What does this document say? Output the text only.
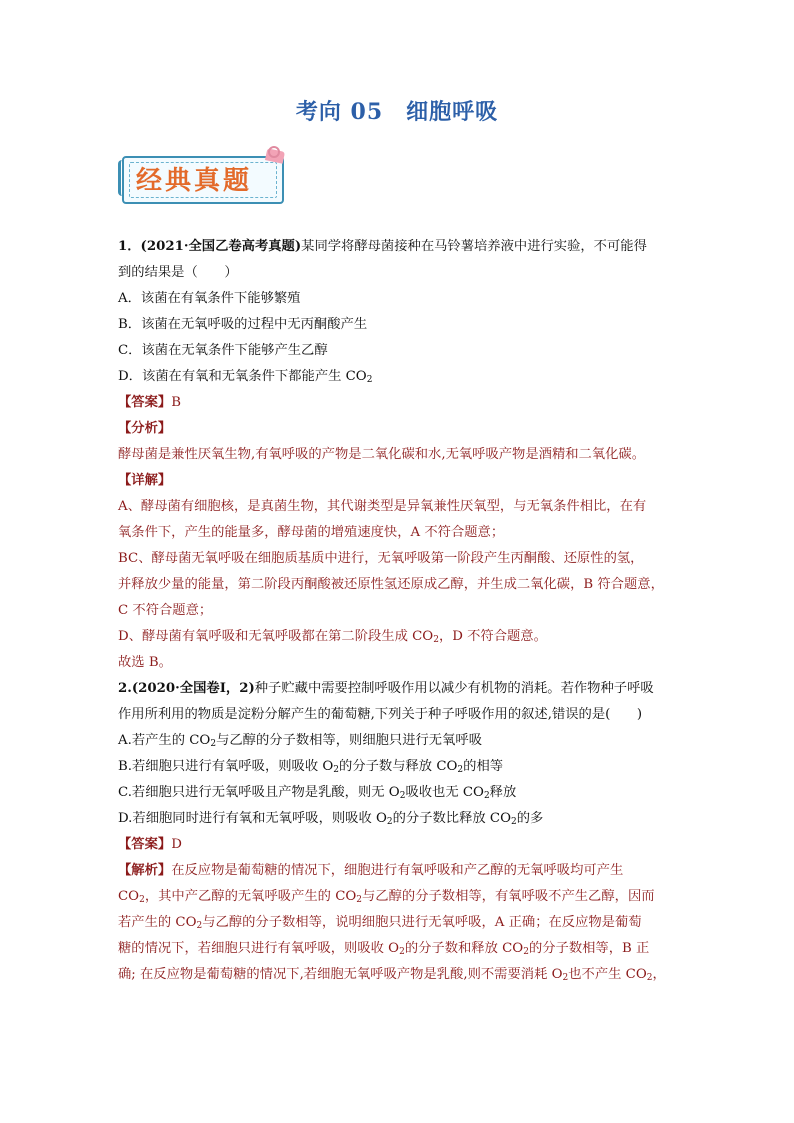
考向 05　细胞呼吸
经典真题
1．(2021·全国乙卷高考真题)某同学将酵母菌接种在马铃薯培养液中进行实验，不可能得
到的结果是（　　）
A．该菌在有氧条件下能够繁殖
B．该菌在无氧呼吸的过程中无丙酮酸产生
C．该菌在无氧条件下能够产生乙醇
D．该菌在有氧和无氧条件下都能产生 $CO_2$
【答案】B
【分析】
酵母菌是兼性厌氧生物,有氧呼吸的产物是二氧化碳和水,无氧呼吸产物是酒精和二氧化碳。
【详解】
A、酵母菌有细胞核，是真菌生物，其代谢类型是异氧兼性厌氧型，与无氧条件相比，在有
氧条件下，产生的能量多，酵母菌的增殖速度快，A 不符合题意；
BC、酵母菌无氧呼吸在细胞质基质中进行，无氧呼吸第一阶段产生丙酮酸、还原性的氢，
并释放少量的能量，第二阶段丙酮酸被还原性氢还原成乙醇，并生成二氧化碳，B 符合题意，
C 不符合题意；
D、酵母菌有氧呼吸和无氧呼吸都在第二阶段生成 $CO_2$，D 不符合题意。
故选 B。
2.(2020·全国卷Ⅰ，2)种子贮藏中需要控制呼吸作用以减少有机物的消耗。若作物种子呼吸
作用所利用的物质是淀粉分解产生的葡萄糖,下列关于种子呼吸作用的叙述,错误的是(　　)
A.若产生的 $CO_2$与乙醇的分子数相等，则细胞只进行无氧呼吸
B.若细胞只进行有氧呼吸，则吸收 $O_2$的分子数与释放 $CO_2$的相等
C.若细胞只进行无氧呼吸且产物是乳酸，则无 $O_2$吸收也无 $CO_2$释放
D.若细胞同时进行有氧和无氧呼吸，则吸收 $O_2$的分子数比释放 $CO_2$的多
【答案】D
【解析】在反应物是葡萄糖的情况下，细胞进行有氧呼吸和产乙醇的无氧呼吸均可产生
$CO_2$，其中产乙醇的无氧呼吸产生的 $CO_2$与乙醇的分子数相等，有氧呼吸不产生乙醇，因而
若产生的 $CO_2$与乙醇的分子数相等，说明细胞只进行无氧呼吸，A 正确；在反应物是葡萄
糖的情况下，若细胞只进行有氧呼吸，则吸收 $O_2$的分子数和释放 $CO_2$的分子数相等，B 正
确; 在反应物是葡萄糖的情况下,若细胞无氧呼吸产物是乳酸,则不需要消耗 $O_2$也不产生 $CO_2$，
